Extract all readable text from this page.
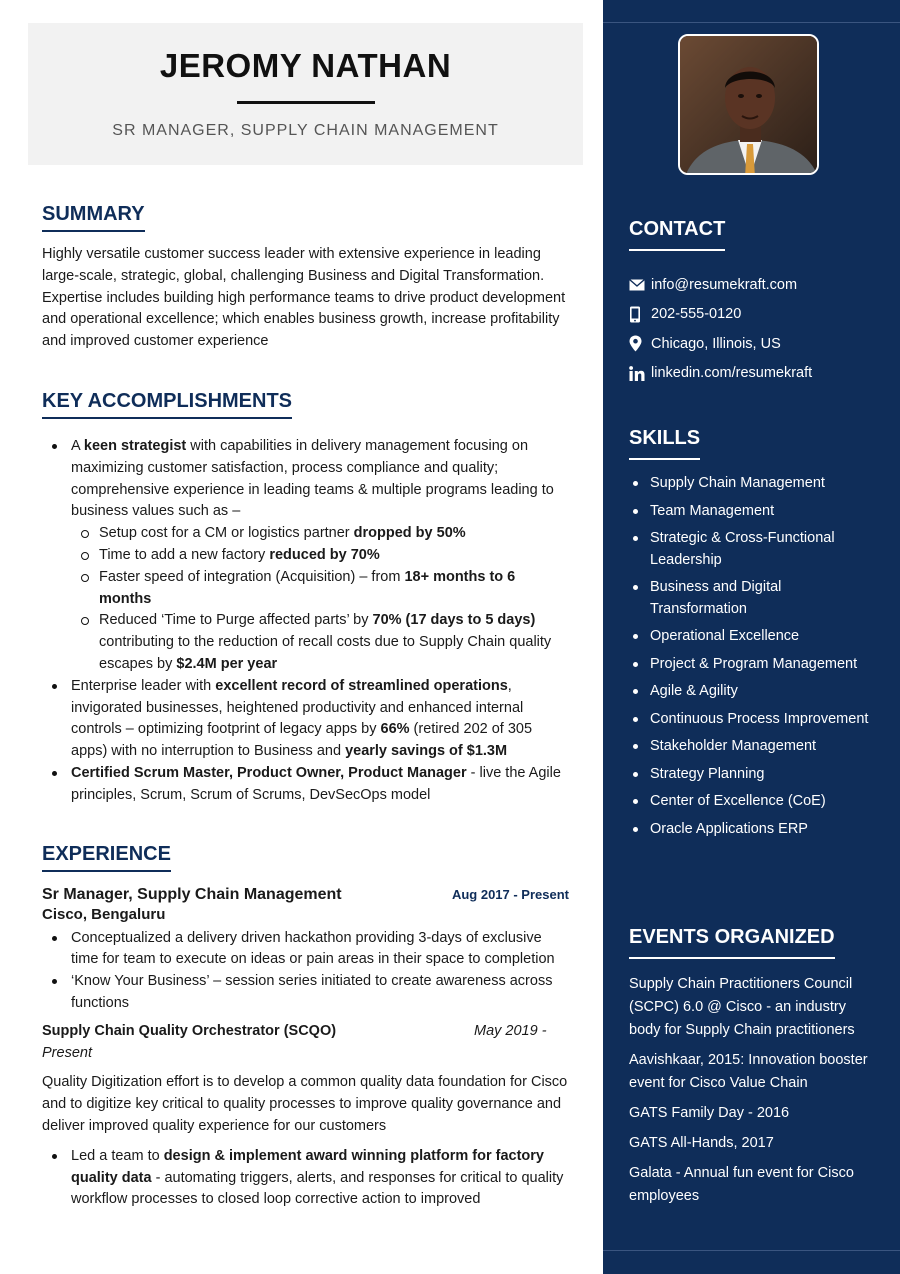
JEROMY NATHAN
SR MANAGER, SUPPLY CHAIN MANAGEMENT
SUMMARY

Highly versatile customer success leader with extensive experience in leading large-scale, strategic, global, challenging Business and Digital Transformation. Expertise includes building high performance teams to drive product development and operational excellence; which enables business growth, increase profitability and improved customer experience

KEY ACCOMPLISHMENTS
A keen strategist with capabilities in delivery management focusing on maximizing customer satisfaction, process compliance and quality; comprehensive experience in leading teams & multiple programs leading to business values such as –
Setup cost for a CM or logistics partner dropped by 50%
Time to add a new factory reduced by 70%
Faster speed of integration (Acquisition) – from 18+ months to 6 months
Reduced ‘Time to Purge affected parts’ by 70% (17 days to 5 days) contributing to the reduction of recall costs due to Supply Chain quality escapes by $2.4M per year
Enterprise leader with excellent record of streamlined operations, invigorated businesses, heightened productivity and enhanced internal controls – optimizing footprint of legacy apps by 66% (retired 202 of 305 apps) with no interruption to Business and yearly savings of $1.3M
Certified Scrum Master, Product Owner, Product Manager - live the Agile principles, Scrum, Scrum of Scrums, DevSecOps model
EXPERIENCE
Sr Manager, Supply Chain Management	Aug 2017 - Present
Cisco, Bengaluru
Conceptualized a delivery driven hackathon providing 3-days of exclusive time for team to execute on ideas or pain areas in their space to completion
‘Know Your Business’ – session series initiated to create awareness across functions
Supply Chain Quality Orchestrator (SCQO)	May 2019 -
Present

Quality Digitization effort is to develop a common quality data foundation for Cisco and to digitize key critical to quality processes to improve quality governance and deliver improved quality experience for our customers

Led a team to design & implement award winning platform for factory quality data - automating triggers, alerts, and responses for critical to quality workflow processes to closed loop corrective action to improved
CONTACT
info@resumekraft.com
202-555-0120
Chicago, Illinois, US
linkedin.com/resumekraft
SKILLS
Supply Chain Management
Team Management
Strategic & Cross-Functional Leadership
Business and Digital Transformation
Operational Excellence
Project & Program Management
Agile & Agility
Continuous Process Improvement
Stakeholder Management
Strategy Planning
Center of Excellence (CoE)
Oracle Applications ERP
EVENTS ORGANIZED
Supply Chain Practitioners Council (SCPC) 6.0 @ Cisco - an industry body for Supply Chain practitioners
Aavishkaar, 2015: Innovation booster event for Cisco Value Chain
GATS Family Day - 2016
GATS All-Hands, 2017
Galata - Annual fun event for Cisco employees
